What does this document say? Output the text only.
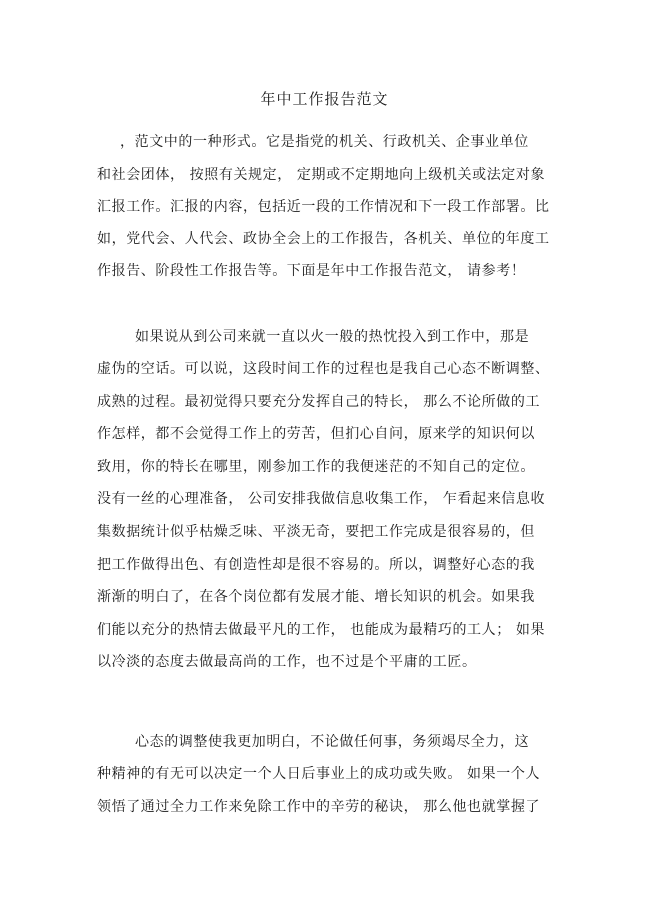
年中工作报告范文
，范文中的一种形式。它是指党的机关、行政机关、企事业单位
和社会团体， 按照有关规定， 定期或不定期地向上级机关或法定对象
汇报工作。汇报的内容，包括近一段的工作情况和下一段工作部署。比
如，党代会、人代会、政协全会上的工作报告，各机关、单位的年度工
作报告、阶段性工作报告等。下面是年中工作报告范文， 请参考！
如果说从到公司来就一直以火一般的热忱投入到工作中，那是
虚伪的空话。可以说，这段时间工作的过程也是我自己心态不断调整、
成熟的过程。最初觉得只要充分发挥自己的特长， 那么不论所做的工
作怎样，都不会觉得工作上的劳苦，但扪心自问，原来学的知识何以
致用，你的特长在哪里，刚参加工作的我便迷茫的不知自己的定位。
没有一丝的心理准备， 公司安排我做信息收集工作， 乍看起来信息收
集数据统计似乎枯燥乏味、平淡无奇，要把工作完成是很容易的，但
把工作做得出色、有创造性却是很不容易的。所以，调整好心态的我
渐渐的明白了，在各个岗位都有发展才能、增长知识的机会。如果我
们能以充分的热情去做最平凡的工作， 也能成为最精巧的工人； 如果
以冷淡的态度去做最高尚的工作，也不过是个平庸的工匠。
心态的调整使我更加明白，不论做任何事，务须竭尽全力，这
种精神的有无可以决定一个人日后事业上的成功或失败。 如果一个人
领悟了通过全力工作来免除工作中的辛劳的秘诀， 那么他也就掌握了
